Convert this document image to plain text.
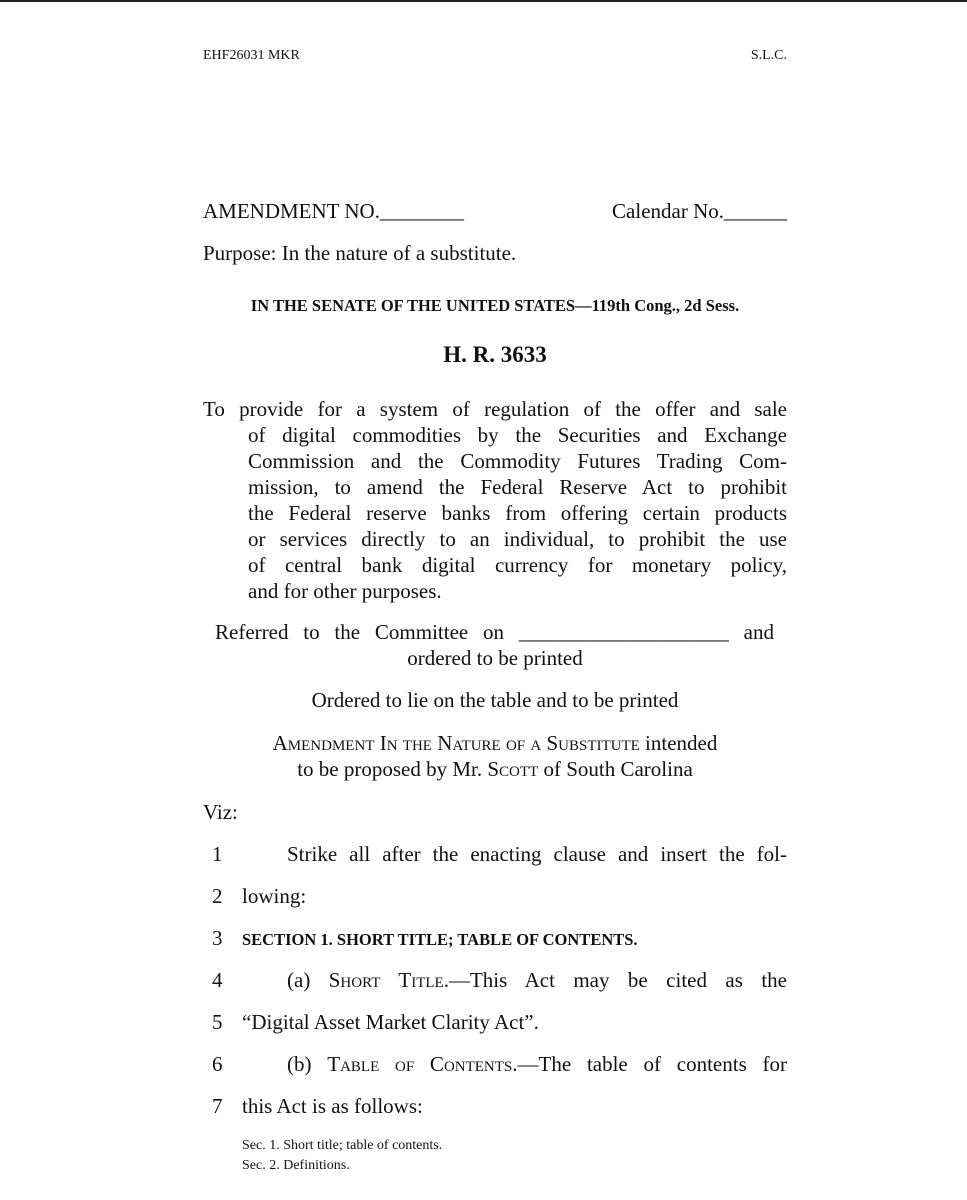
EHF26031 MKR	S.L.C.
AMENDMENT NO.________	Calendar No.______
Purpose: In the nature of a substitute.
IN THE SENATE OF THE UNITED STATES—119th Cong., 2d Sess.
H. R. 3633
To provide for a system of regulation of the offer and sale
of digital commodities by the Securities and Exchange
Commission and the Commodity Futures Trading Com-
mission, to amend the Federal Reserve Act to prohibit
the Federal reserve banks from offering certain products
or services directly to an individual, to prohibit the use
of central bank digital currency for monetary policy,
and for other purposes.
Referred to the Committee on ____________________ and
ordered to be printed
Ordered to lie on the table and to be printed
Amendment In the Nature of a Substitute intended
to be proposed by Mr. Scott of South Carolina
Viz:
1	Strike all after the enacting clause and insert the fol-
2 lowing:
3 SECTION 1. SHORT TITLE; TABLE OF CONTENTS.
4	(a) Short Title.—This Act may be cited as the
5 “Digital Asset Market Clarity Act”.
6	(b) Table of Contents.—The table of contents for
7 this Act is as follows:
Sec. 1. Short title; table of contents.
Sec. 2. Definitions.
